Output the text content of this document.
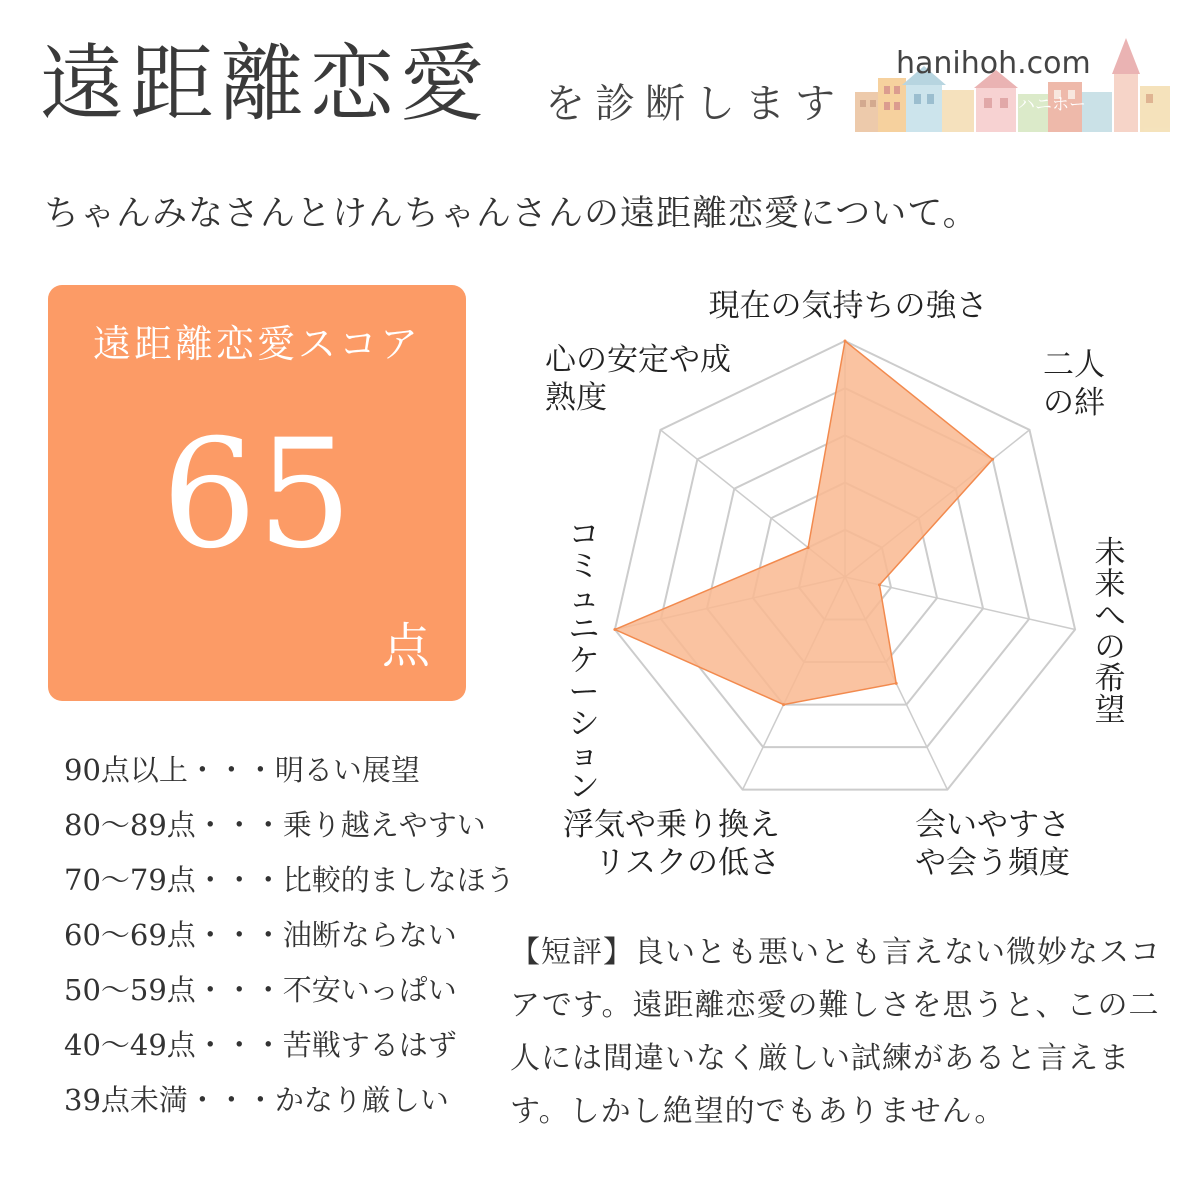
遠距離恋愛 を診断します
hanihoh.com
ハニホー
ちゃんみなさんとけんちゃんさんの遠距離恋愛について。
遠距離恋愛スコア
65
点
90点以上・・・明るい展望
80〜89点・・・乗り越えやすい
70〜79点・・・比較的ましなほう
60〜69点・・・油断ならない
50〜59点・・・不安いっぱい
40〜49点・・・苦戦するはず
39点未満・・・かなり厳しい
現在の気持ちの強さ
二人の絆
未来への希望
会いやすさや会う頻度
浮気や乗り換えリスクの低さ
コミュニケーション
心の安定や成熟度
【短評】良いとも悪いとも言えない微妙なスコアです。遠距離恋愛の難しさを思うと、この二人には間違いなく厳しい試練があると言えます。しかし絶望的でもありません。
